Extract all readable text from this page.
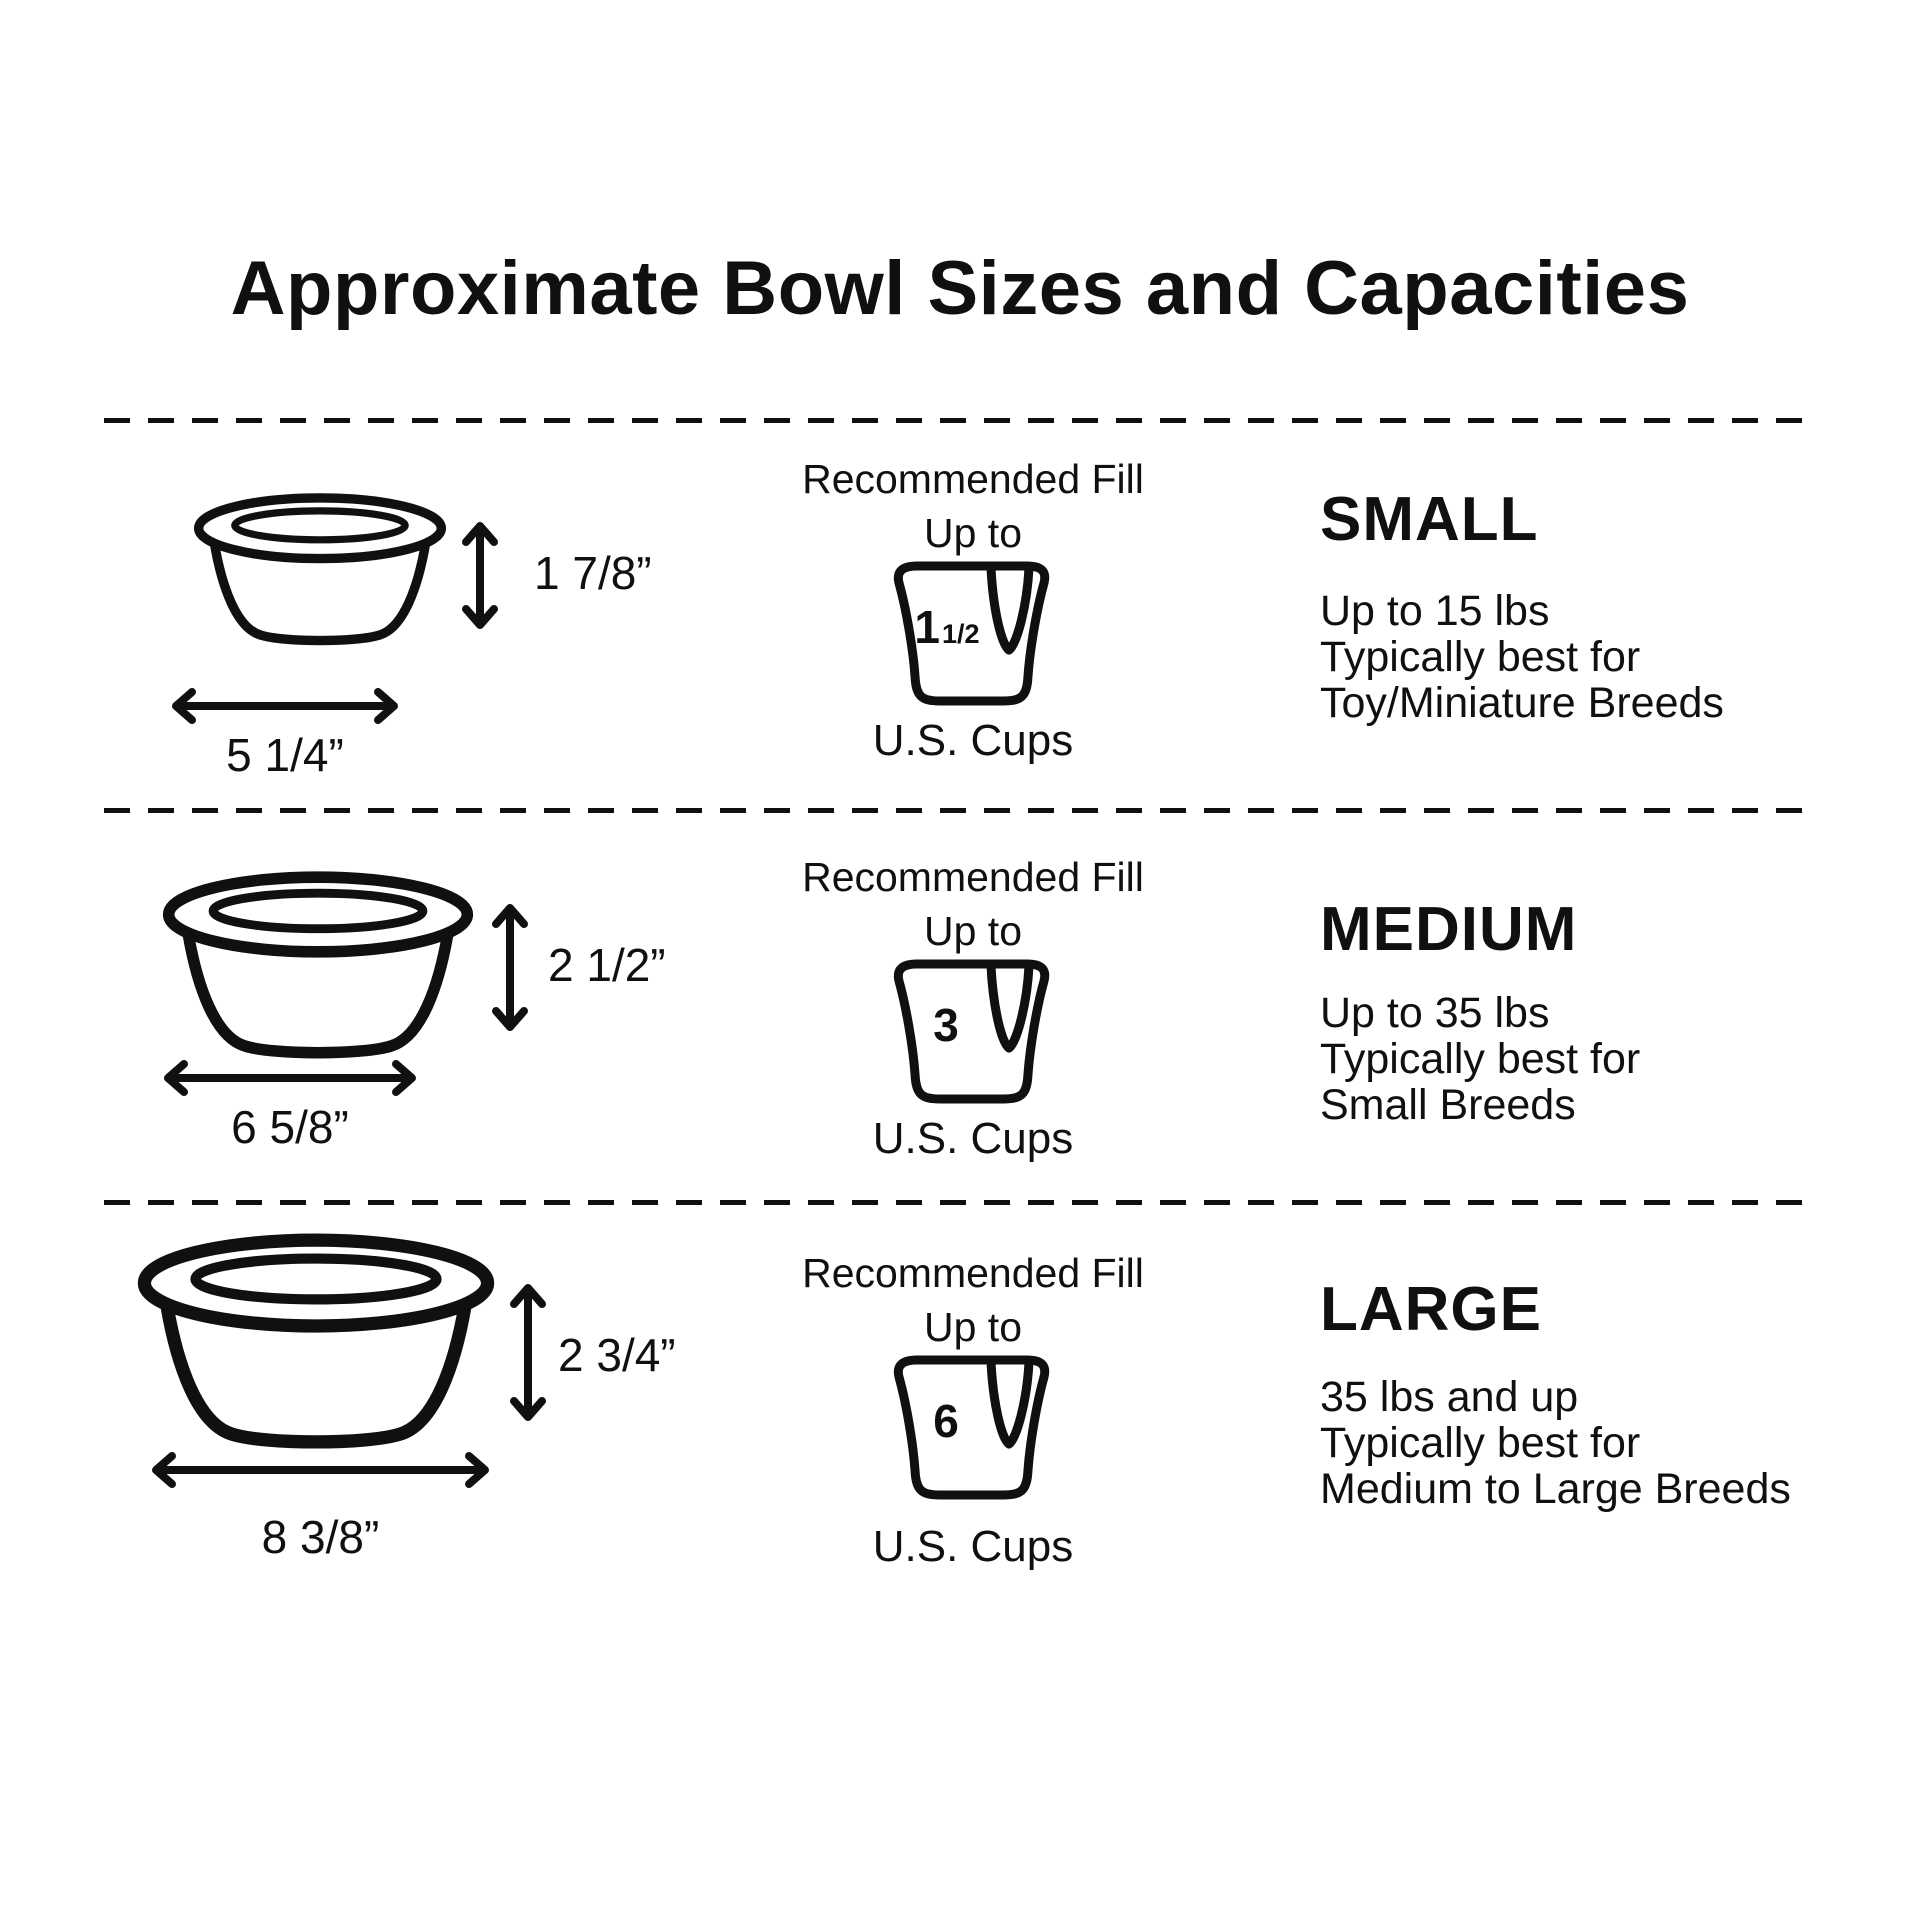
Approximate Bowl Sizes and Capacities
1 7/8”
5 1/4”
Recommended Fill
Up to
11/2
U.S. Cups
SMALL
Up to 15 lbs
Typically best for
Toy/Miniature Breeds
2 1/2”
6 5/8”
Recommended Fill
Up to
3
U.S. Cups
MEDIUM
Up to 35 lbs
Typically best for
Small Breeds
2 3/4”
8 3/8”
Recommended Fill
Up to
6
U.S. Cups
LARGE
35 lbs and up
Typically best for
Medium to Large Breeds
